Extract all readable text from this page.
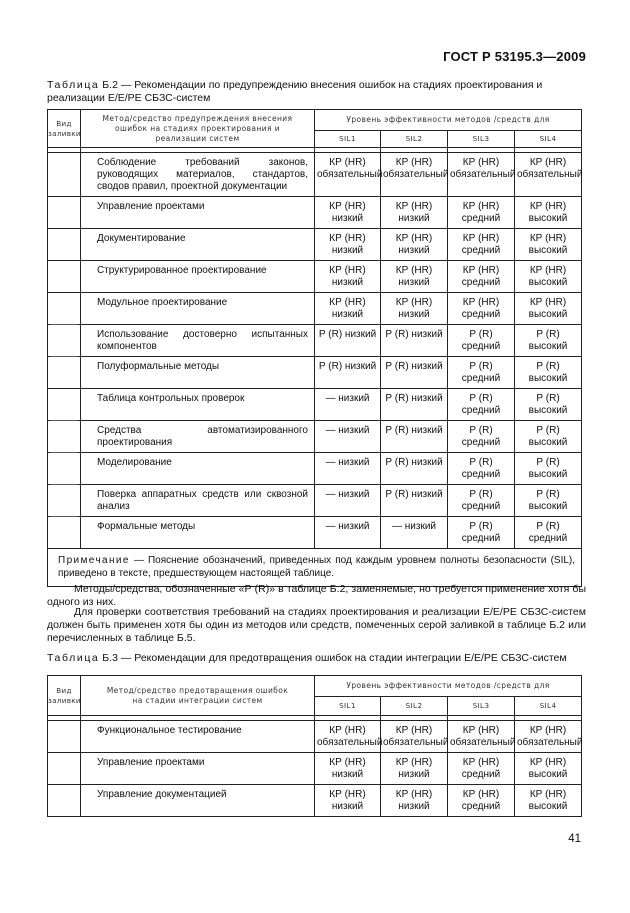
ГОСТ Р 53195.3—2009
Таблица Б.2 — Рекомендации по предупреждению внесения ошибок на стадиях проектирования и реализации Е/Е/РЕ СБЗС-систем
Вид заливки	Метод/средство предупреждения внесения ошибок на стадиях проектирования и реализации систем	Уровень эффективности методов /средств для			
		SIL1	SIL2	SIL3	SIL4

	Соблюдение требований законов, руководящих материалов, стандартов, сводов правил, проектной документации	КР (HR) обязательный	КР (HR) обязательный	КР (HR) обязательный	КР (HR) обязательный
	Управление проектами	КР (HR) низкий	КР (HR) низкий	КР (HR) средний	КР (HR) высокий
	Документирование	КР (HR) низкий	КР (HR) низкий	КР (HR) средний	КР (HR) высокий
	Структурированное проектирование	КР (HR) низкий	КР (HR) низкий	КР (HR) средний	КР (HR) высокий
	Модульное проектирование	КР (HR) низкий	КР (HR) низкий	КР (HR) средний	КР (HR) высокий
	Использование достоверно испытанных компонентов	Р (R) низкий	Р (R) низкий	Р (R) средний	Р (R) высокий
	Полуформальные методы	Р (R) низкий	Р (R) низкий	Р (R) средний	Р (R) высокий
	Таблица контрольных проверок	— низкий	Р (R) низкий	Р (R) средний	Р (R) высокий
	Средства автоматизированного проектирования	— низкий	Р (R) низкий	Р (R) средний	Р (R) высокий
	Моделирование	— низкий	Р (R) низкий	Р (R) средний	Р (R) высокий
	Поверка аппаратных средств или сквозной анализ	— низкий	Р (R) низкий	Р (R) средний	Р (R) высокий
	Формальные методы	— низкий	— низкий	Р (R) средний	Р (R) средний
Примечание — Пояснение обозначений, приведенных под каждым уровнем полноты безопасности (SIL), приведено в тексте, предшествующем настоящей таблице.					

Методы/средства, обозначенные «Р (R)» в таблице Б.2, заменяемые, но требуется применение хотя бы одного из них.

Для проверки соответствия требований на стадиях проектирования и реализации Е/Е/РЕ СБЗС-систем должен быть применен хотя бы один из методов или средств, помеченных серой заливкой в таблице Б.2 или перечисленных в таблице Б.5.

Таблица Б.3 — Рекомендации для предотвращения ошибок на стадии интеграции Е/Е/РЕ СБЗС-систем
Вид заливки	Метод/средство предотвращения ошибок на стадии интеграции систем	Уровень эффективности методов /средств для			
		SIL1	SIL2	SIL3	SIL4

	Функциональное тестирование	КР (HR) обязательный	КР (HR) обязательный	КР (HR) обязательный	КР (HR) обязательный
	Управление проектами	КР (HR) низкий	КР (HR) низкий	КР (HR) средний	КР (HR) высокий
	Управление документацией	КР (HR) низкий	КР (HR) низкий	КР (HR) средний	КР (HR) высокий
41
